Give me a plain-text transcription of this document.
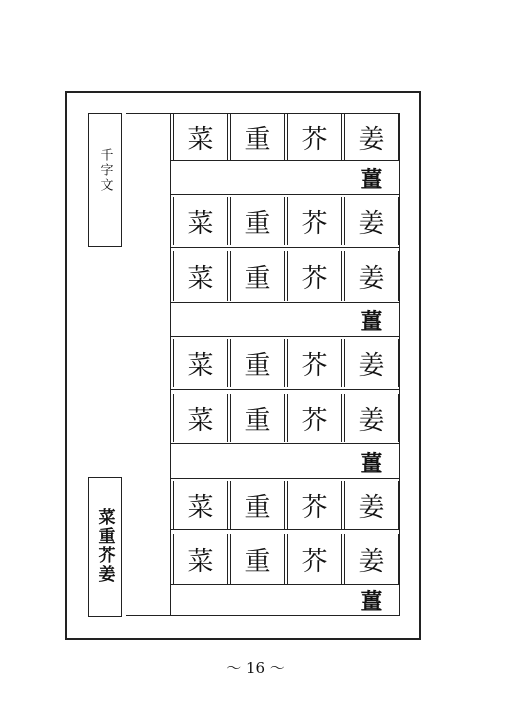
千字文
菜重芥姜
菜	重	芥	姜
薑
菜	重	芥	姜
菜	重	芥	姜
薑
菜	重	芥	姜
菜	重	芥	姜
薑
菜	重	芥	姜
菜	重	芥	姜
薑
～ 16 ～
